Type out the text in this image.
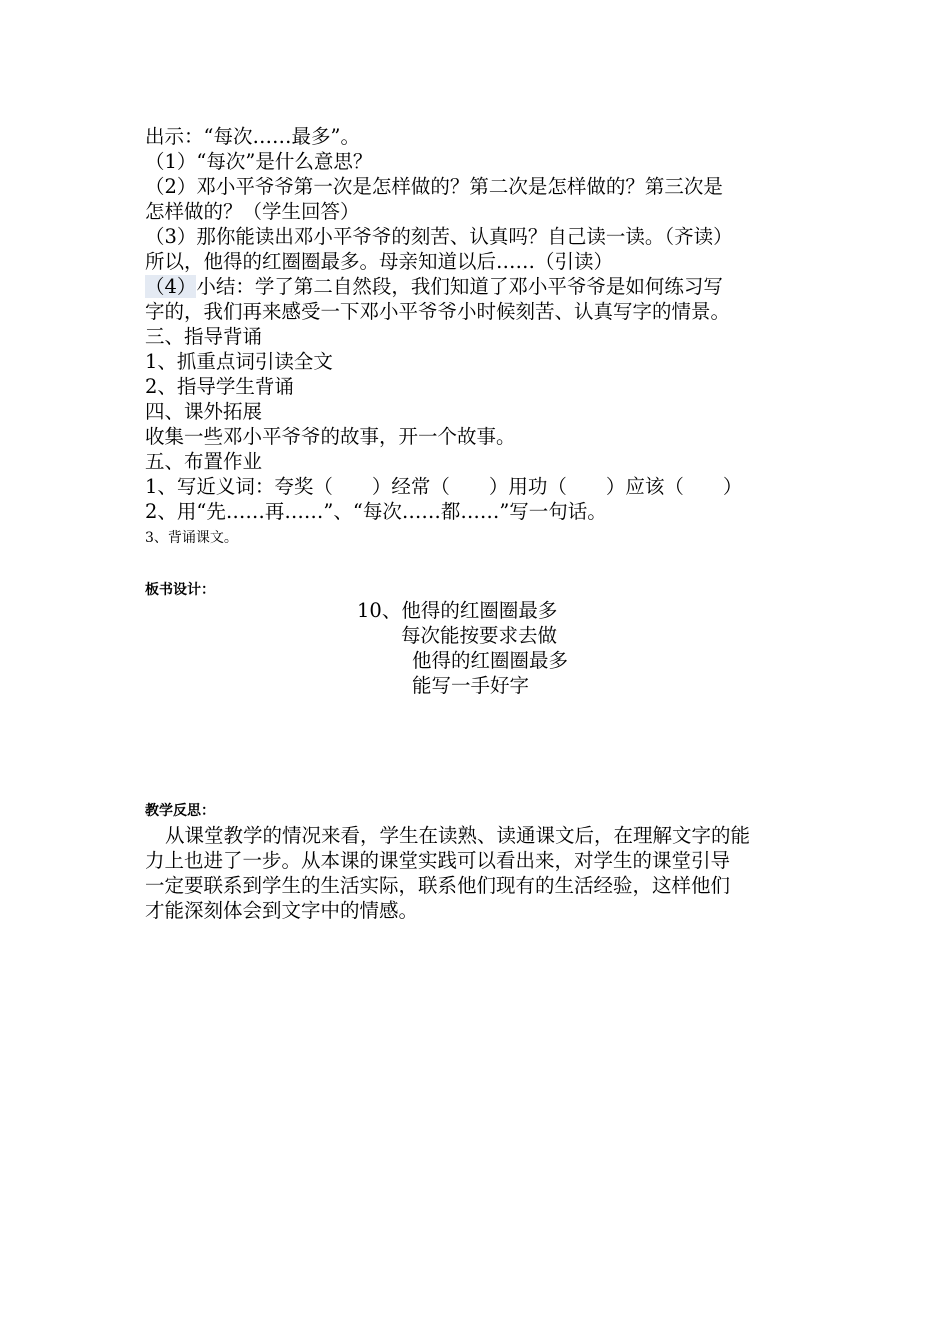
出示：“每次……最多”。
（1）“每次”是什么意思？
（2）邓小平爷爷第一次是怎样做的？第二次是怎样做的？第三次是
怎样做的？（学生回答）
（3）那你能读出邓小平爷爷的刻苦、认真吗？自己读一读。（齐读）
所以，他得的红圈圈最多。母亲知道以后……（引读）
（4）小结：学了第二自然段，我们知道了邓小平爷爷是如何练习写
字的，我们再来感受一下邓小平爷爷小时候刻苦、认真写字的情景。
三、指导背诵
1、抓重点词引读全文
2、指导学生背诵
四、课外拓展
收集一些邓小平爷爷的故事，开一个故事。
五、布置作业
1、写近义词：夸奖（　　）经常（　　）用功（　　）应该（　　）
2、用“先……再……”、“每次……都……”写一句话。
3、背诵课文。
板书设计：
10、他得的红圈圈最多
每次能按要求去做
他得的红圈圈最多
能写一手好字
教学反思：
从课堂教学的情况来看，学生在读熟、读通课文后，在理解文字的能
力上也进了一步。从本课的课堂实践可以看出来，对学生的课堂引导
一定要联系到学生的生活实际，联系他们现有的生活经验，这样他们
才能深刻体会到文字中的情感。
